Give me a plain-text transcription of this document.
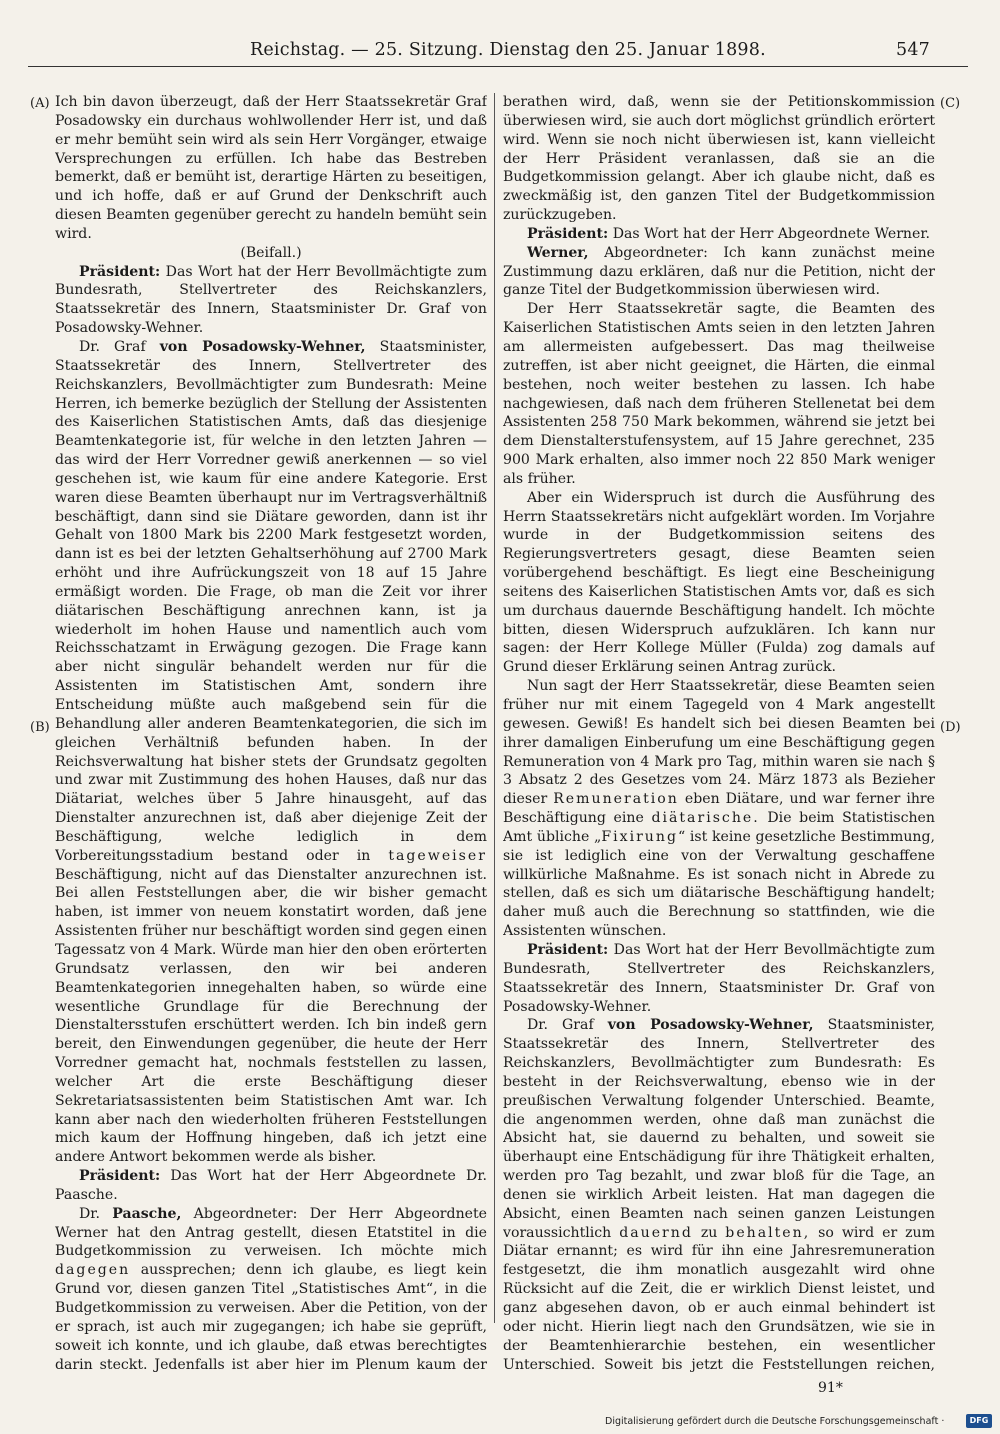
Reichstag. — 25. Sitzung. Dienstag den 25. Januar 1898.	547
(A)
(B)
(C)
(D)

Ich bin davon überzeugt, daß der Herr Staatssekretär Graf Posadowsky ein durchaus wohlwollender Herr ist, und daß er mehr bemüht sein wird als sein Herr Vorgänger, etwaige Versprechungen zu erfüllen. Ich habe das Bestreben bemerkt, daß er bemüht ist, derartige Härten zu beseitigen, und ich hoffe, daß er auf Grund der Denkschrift auch diesen Beamten gegenüber gerecht zu handeln bemüht sein wird.

(Beifall.)

Präsident: Das Wort hat der Herr Bevollmächtigte zum Bundesrath, Stellvertreter des Reichskanzlers, Staatssekretär des Innern, Staatsminister Dr. Graf von Posadowsky-Wehner.

Dr. Graf von Posadowsky-Wehner, Staatsminister, Staatssekretär des Innern, Stellvertreter des Reichskanzlers, Bevollmächtigter zum Bundesrath: Meine Herren, ich bemerke bezüglich der Stellung der Assistenten des Kaiserlichen Statistischen Amts, daß das diesjenige Beamtenkategorie ist, für welche in den letzten Jahren — das wird der Herr Vorredner gewiß anerkennen — so viel geschehen ist, wie kaum für eine andere Kategorie. Erst waren diese Beamten überhaupt nur im Vertragsverhältniß beschäftigt, dann sind sie Diätare geworden, dann ist ihr Gehalt von 1800 Mark bis 2200 Mark festgesetzt worden, dann ist es bei der letzten Gehaltserhöhung auf 2700 Mark erhöht und ihre Aufrückungszeit von 18 auf 15 Jahre ermäßigt worden. Die Frage, ob man die Zeit vor ihrer diätarischen Beschäftigung anrechnen kann, ist ja wiederholt im hohen Hause und namentlich auch vom Reichsschatzamt in Erwägung gezogen. Die Frage kann aber nicht singulär behandelt werden nur für die Assistenten im Statistischen Amt, sondern ihre Entscheidung müßte auch maßgebend sein für die Behandlung aller anderen Beamtenkategorien, die sich im gleichen Verhältniß befunden haben. In der Reichsverwaltung hat bisher stets der Grundsatz gegolten und zwar mit Zustimmung des hohen Hauses, daß nur das Diätariat, welches über 5 Jahre hinausgeht, auf das Dienstalter anzurechnen ist, daß aber diejenige Zeit der Beschäftigung, welche lediglich in dem Vorbereitungsstadium bestand oder in tageweiser Beschäftigung, nicht auf das Dienstalter anzurechnen ist. Bei allen Feststellungen aber, die wir bisher gemacht haben, ist immer von neuem konstatirt worden, daß jene Assistenten früher nur beschäftigt worden sind gegen einen Tagessatz von 4 Mark. Würde man hier den oben erörterten Grundsatz verlassen, den wir bei anderen Beamtenkategorien innegehalten haben, so würde eine wesentliche Grundlage für die Berechnung der Dienstaltersstufen erschüttert werden. Ich bin indeß gern bereit, den Einwendungen gegenüber, die heute der Herr Vorredner gemacht hat, nochmals feststellen zu lassen, welcher Art die erste Beschäftigung dieser Sekretariatsassistenten beim Statistischen Amt war. Ich kann aber nach den wiederholten früheren Feststellungen mich kaum der Hoffnung hingeben, daß ich jetzt eine andere Antwort bekommen werde als bisher.

Präsident: Das Wort hat der Herr Abgeordnete Dr. Paasche.

Dr. Paasche, Abgeordneter: Der Herr Abgeordnete Werner hat den Antrag gestellt, diesen Etatstitel in die Budgetkommission zu verweisen. Ich möchte mich dagegen aussprechen; denn ich glaube, es liegt kein Grund vor, diesen ganzen Titel „Statistisches Amt“, in die Budgetkommission zu verweisen. Aber die Petition, von der er sprach, ist auch mir zugegangen; ich habe sie geprüft, soweit ich konnte, und ich glaube, daß etwas berechtigtes darin steckt. Jedenfalls ist aber hier im Plenum kaum der

berathen wird, daß, wenn sie der Petitionskommission überwiesen wird, sie auch dort möglichst gründlich erörtert wird. Wenn sie noch nicht überwiesen ist, kann vielleicht der Herr Präsident veranlassen, daß sie an die Budgetkommission gelangt. Aber ich glaube nicht, daß es zweckmäßig ist, den ganzen Titel der Budgetkommission zurückzugeben.

Präsident: Das Wort hat der Herr Abgeordnete Werner.

Werner, Abgeordneter: Ich kann zunächst meine Zustimmung dazu erklären, daß nur die Petition, nicht der ganze Titel der Budgetkommission überwiesen wird.

Der Herr Staatssekretär sagte, die Beamten des Kaiserlichen Statistischen Amts seien in den letzten Jahren am allermeisten aufgebessert. Das mag theilweise zutreffen, ist aber nicht geeignet, die Härten, die einmal bestehen, noch weiter bestehen zu lassen. Ich habe nachgewiesen, daß nach dem früheren Stellenetat bei dem Assistenten 258 750 Mark bekommen, während sie jetzt bei dem Dienstalterstufensystem, auf 15 Jahre gerechnet, 235 900 Mark erhalten, also immer noch 22 850 Mark weniger als früher.

Aber ein Widerspruch ist durch die Ausführung des Herrn Staatssekretärs nicht aufgeklärt worden. Im Vorjahre wurde in der Budgetkommission seitens des Regierungsvertreters gesagt, diese Beamten seien vorübergehend beschäftigt. Es liegt eine Bescheinigung seitens des Kaiserlichen Statistischen Amts vor, daß es sich um durchaus dauernde Beschäftigung handelt. Ich möchte bitten, diesen Widerspruch aufzuklären. Ich kann nur sagen: der Herr Kollege Müller (Fulda) zog damals auf Grund dieser Erklärung seinen Antrag zurück.

Nun sagt der Herr Staatssekretär, diese Beamten seien früher nur mit einem Tagegeld von 4 Mark angestellt gewesen. Gewiß! Es handelt sich bei diesen Beamten bei ihrer damaligen Einberufung um eine Beschäftigung gegen Remuneration von 4 Mark pro Tag, mithin waren sie nach § 3 Absatz 2 des Gesetzes vom 24. März 1873 als Bezieher dieser Remuneration eben Diätare, und war ferner ihre Beschäftigung eine diätarische. Die beim Statistischen Amt übliche „Fixirung“ ist keine gesetzliche Bestimmung, sie ist lediglich eine von der Verwaltung geschaffene willkürliche Maßnahme. Es ist sonach nicht in Abrede zu stellen, daß es sich um diätarische Beschäftigung handelt; daher muß auch die Berechnung so stattfinden, wie die Assistenten wünschen.

Präsident: Das Wort hat der Herr Bevollmächtigte zum Bundesrath, Stellvertreter des Reichskanzlers, Staatssekretär des Innern, Staatsminister Dr. Graf von Posadowsky-Wehner.

Dr. Graf von Posadowsky-Wehner, Staatsminister, Staatssekretär des Innern, Stellvertreter des Reichskanzlers, Bevollmächtigter zum Bundesrath: Es besteht in der Reichsverwaltung, ebenso wie in der preußischen Verwaltung folgender Unterschied. Beamte, die angenommen werden, ohne daß man zunächst die Absicht hat, sie dauernd zu behalten, und soweit sie überhaupt eine Entschädigung für ihre Thätigkeit erhalten, werden pro Tag bezahlt, und zwar bloß für die Tage, an denen sie wirklich Arbeit leisten. Hat man dagegen die Absicht, einen Beamten nach seinen ganzen Leistungen voraussichtlich dauernd zu behalten, so wird er zum Diätar ernannt; es wird für ihn eine Jahresremuneration festgesetzt, die ihm monatlich ausgezahlt wird ohne Rücksicht auf die Zeit, die er wirklich Dienst leistet, und ganz abgesehen davon, ob er auch einmal behindert ist oder nicht. Hierin liegt nach den Grundsätzen, wie sie in der Beamtenhierarchie bestehen, ein wesentlicher Unterschied. Soweit bis jetzt die Feststellungen reichen,

91*
Digitalisierung gefördert durch die Deutsche Forschungsgemeinschaft ·	DFG
